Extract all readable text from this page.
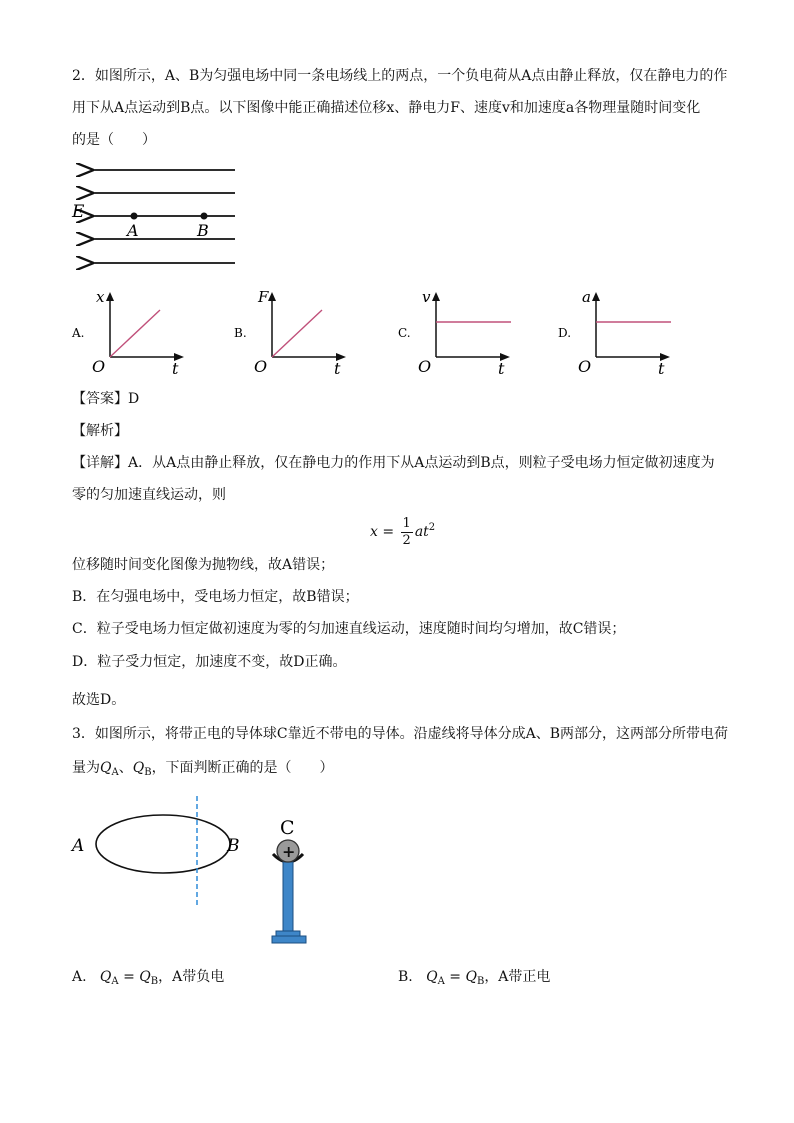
2．如图所示，A、B为匀强电场中同一条电场线上的两点，一个负电荷从A点由静止释放，仅在静电力的作
用下从A点运动到B点。以下图像中能正确描述位移x、静电力F、速度v和加速度a各物理量随时间变化
的是（　　）
E
A	B
A.
x
O	t
B.
F
O	t
C.
v
O	t
D.
a
O	t
【答案】D
【解析】
【详解】A．从A点由静止释放，仅在静电力的作用下从A点运动到B点，则粒子受电场力恒定做初速度为
零的匀加速直线运动，则
$x = \frac{1}{2} at^2$
位移随时间变化图像为抛物线，故A错误；
B．在匀强电场中，受电场力恒定，故B错误；
C．粒子受电场力恒定做初速度为零的匀加速直线运动，速度随时间均匀增加，故C错误；
D．粒子受力恒定，加速度不变，故D正确。
故选D。
3．如图所示，将带正电的导体球C靠近不带电的导体。沿虚线将导体分成A、B两部分，这两部分所带电荷
量为$Q_A$、$Q_B$，下面判断正确的是（　　）
A	B
C
+
A. $Q_A = Q_B$，A带负电	B. $Q_A = Q_B$，A带正电
